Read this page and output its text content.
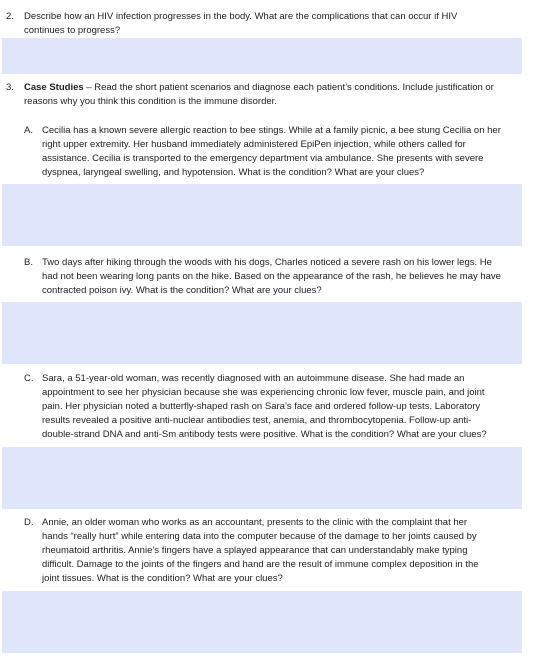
2. Describe how an HIV infection progresses in the body. What are the complications that can occur if HIV
continues to progress?
3. Case Studies – Read the short patient scenarios and diagnose each patient’s conditions. Include justification or
reasons why you think this condition is the immune disorder.
A. Cecilia has a known severe allergic reaction to bee stings. While at a family picnic, a bee stung Cecilia on her
right upper extremity. Her husband immediately administered EpiPen injection, while others called for
assistance. Cecilia is transported to the emergency department via ambulance. She presents with severe
dyspnea, laryngeal swelling, and hypotension. What is the condition? What are your clues?
B. Two days after hiking through the woods with his dogs, Charles noticed a severe rash on his lower legs. He
had not been wearing long pants on the hike. Based on the appearance of the rash, he believes he may have
contracted poison ivy. What is the condition? What are your clues?
C. Sara, a 51-year-old woman, was recently diagnosed with an autoimmune disease. She had made an
appointment to see her physician because she was experiencing chronic low fever, muscle pain, and joint
pain. Her physician noted a butterfly-shaped rash on Sara’s face and ordered follow-up tests. Laboratory
results revealed a positive anti-nuclear antibodies test, anemia, and thrombocytopenia. Follow-up anti-
double-strand DNA and anti-Sm antibody tests were positive. What is the condition? What are your clues?
D. Annie, an older woman who works as an accountant, presents to the clinic with the complaint that her
hands “really hurt” while entering data into the computer because of the damage to her joints caused by
rheumatoid arthritis. Annie’s fingers have a splayed appearance that can understandably make typing
difficult. Damage to the joints of the fingers and hand are the result of immune complex deposition in the
joint tissues. What is the condition? What are your clues?
